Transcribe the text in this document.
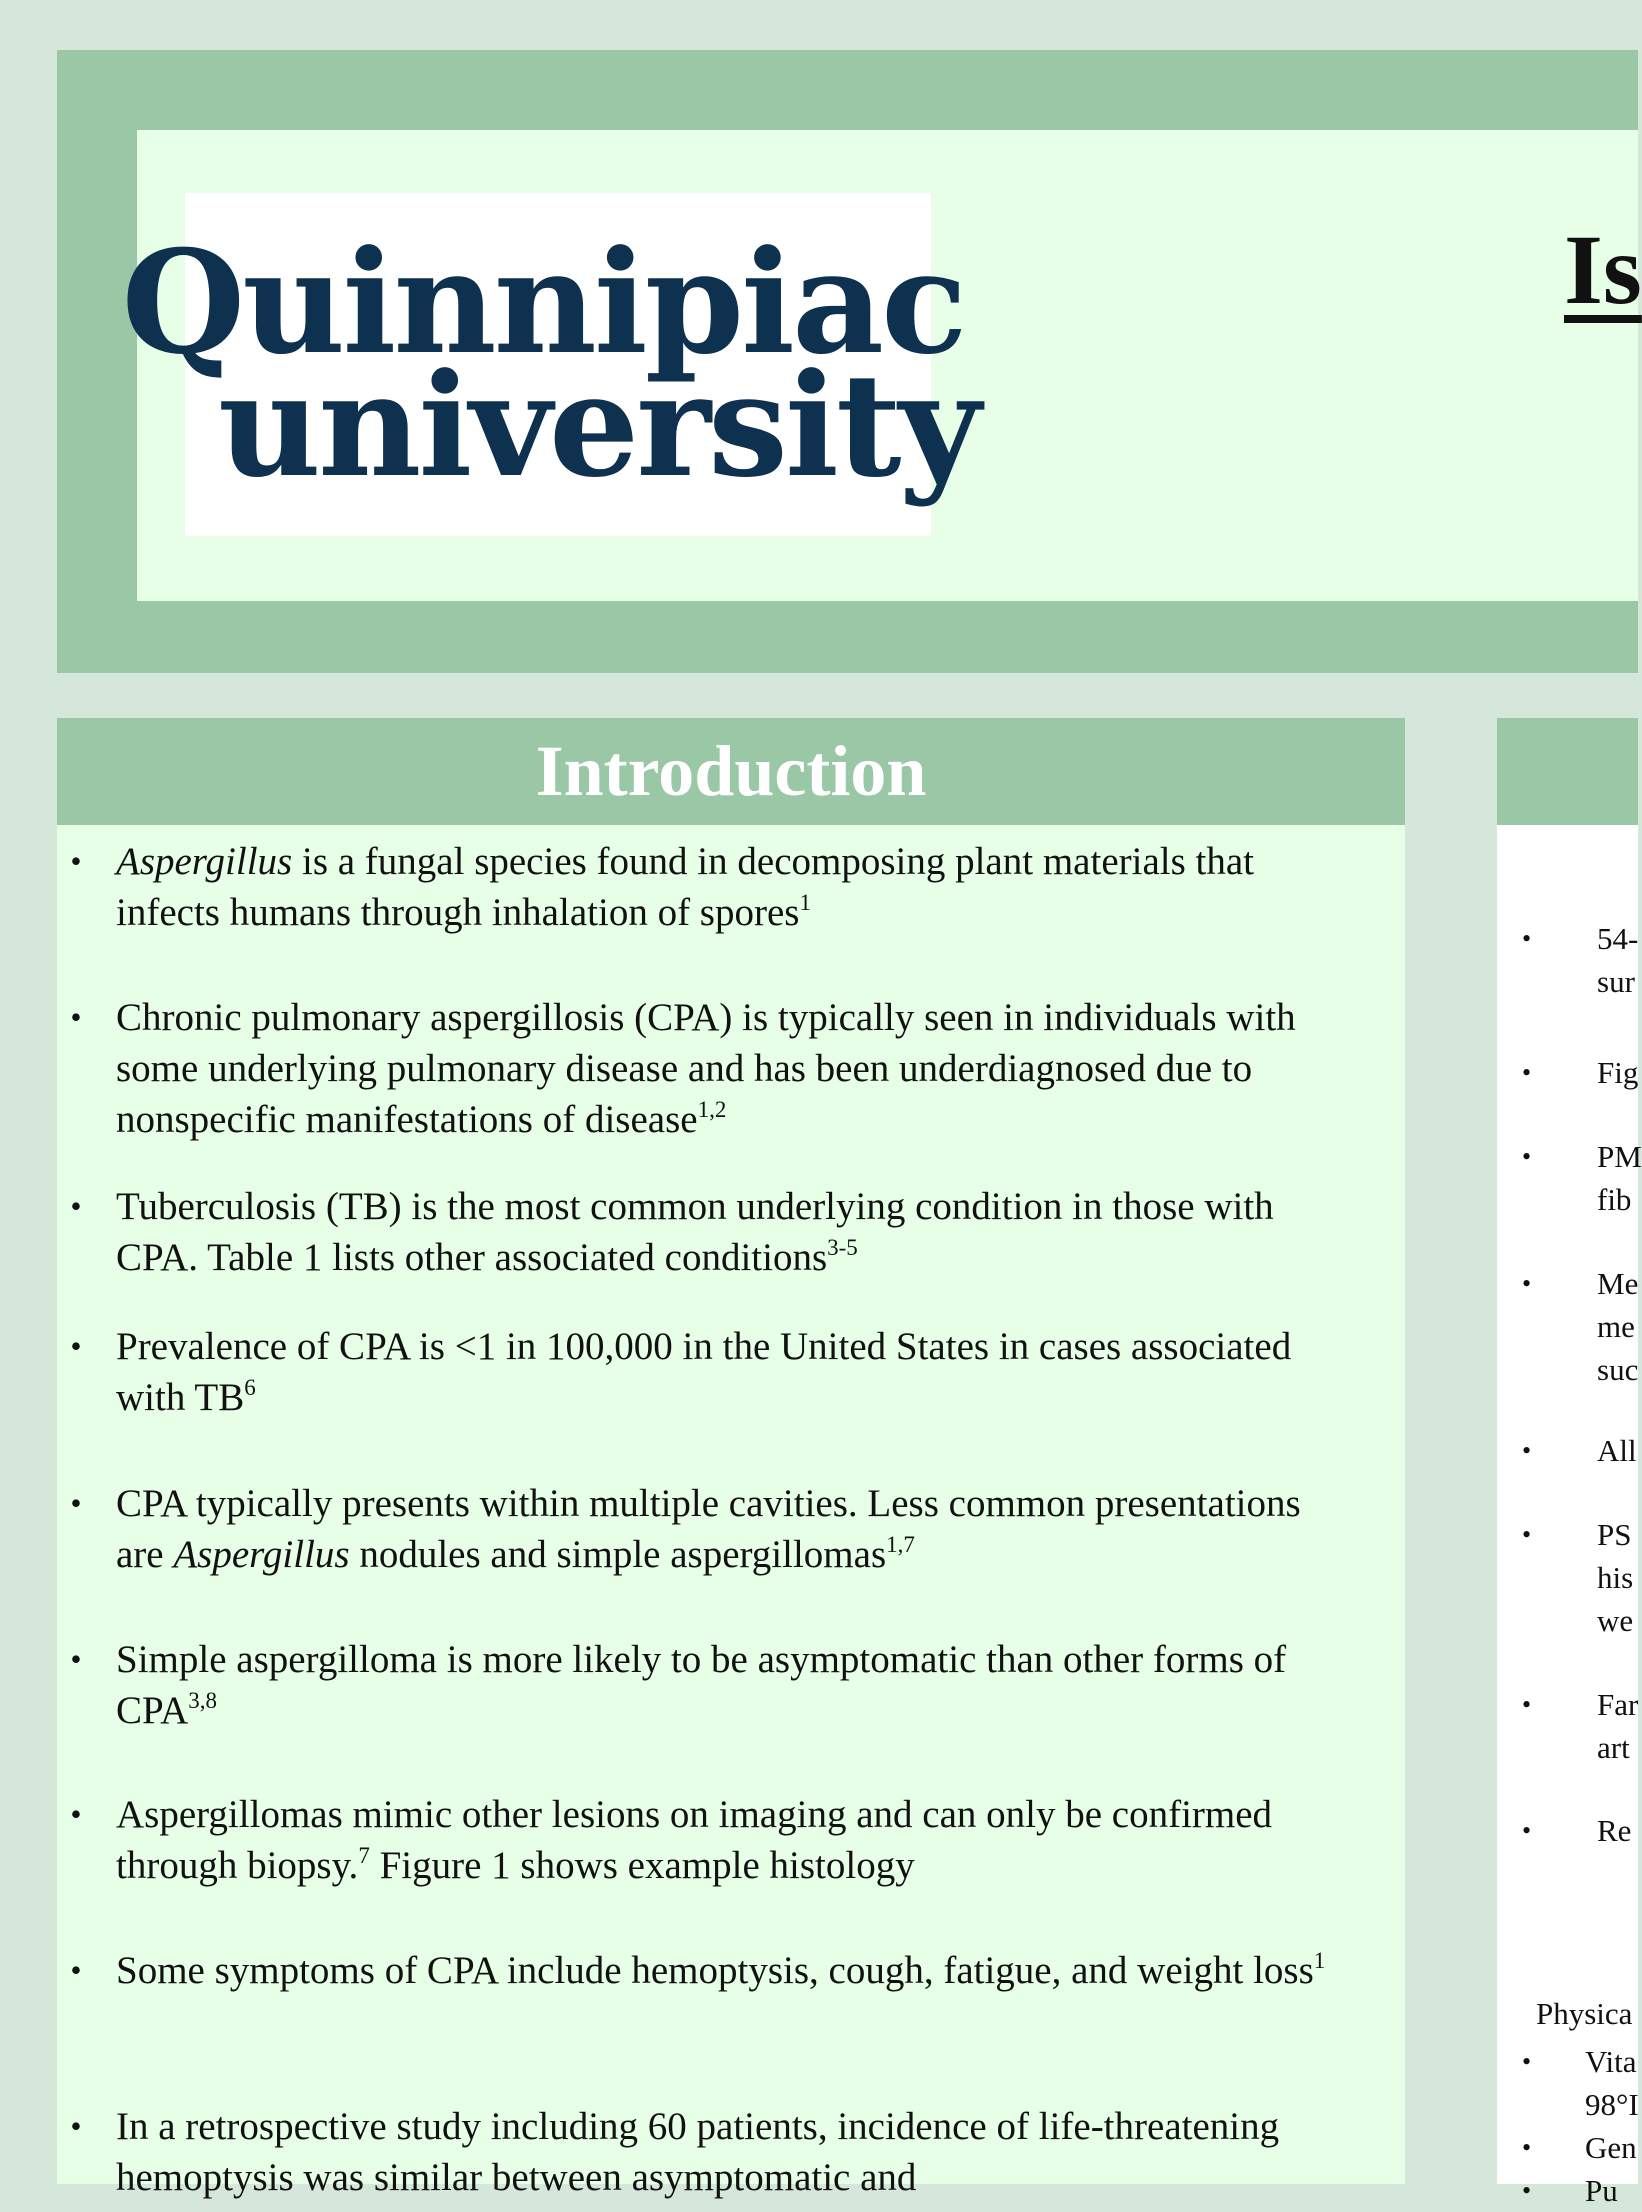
Quinnipiac
university
Is
Introduction
• Aspergillus is a fungal species found in decomposing plant materials that infects humans through inhalation of spores$^1$
• Chronic pulmonary aspergillosis (CPA) is typically seen in individuals with some underlying pulmonary disease and has been underdiagnosed due to nonspecific manifestations of disease$^{1,2}$
• Tuberculosis (TB) is the most common underlying condition in those with CPA. Table 1 lists other associated conditions$^{3-5}$
• Prevalence of CPA is <1 in 100,000 in the United States in cases associated with $TB^6$
• CPA typically presents within multiple cavities. Less common presentations are Aspergillus nodules and simple aspergillomas$^{1,7}$
• Simple aspergilloma is more likely to be asymptomatic than other forms of CPA$^{3,8}$
• Aspergillomas mimic other lesions on imaging and can only be confirmed through biopsy.$^7$ Figure 1 shows example histology
• Some symptoms of CPA include hemoptysis, cough, fatigue, and weight loss$^1$
• In a retrospective study including 60 patients, incidence of life-threatening hemoptysis was similar between asymptomatic and
• 54-
sur
• Fig
• PM
fib
• Me
me
suc
• All
• PS
his
we
• Far
art
• Re
Physica
• Vita
98°I
• Gen
• Pu
